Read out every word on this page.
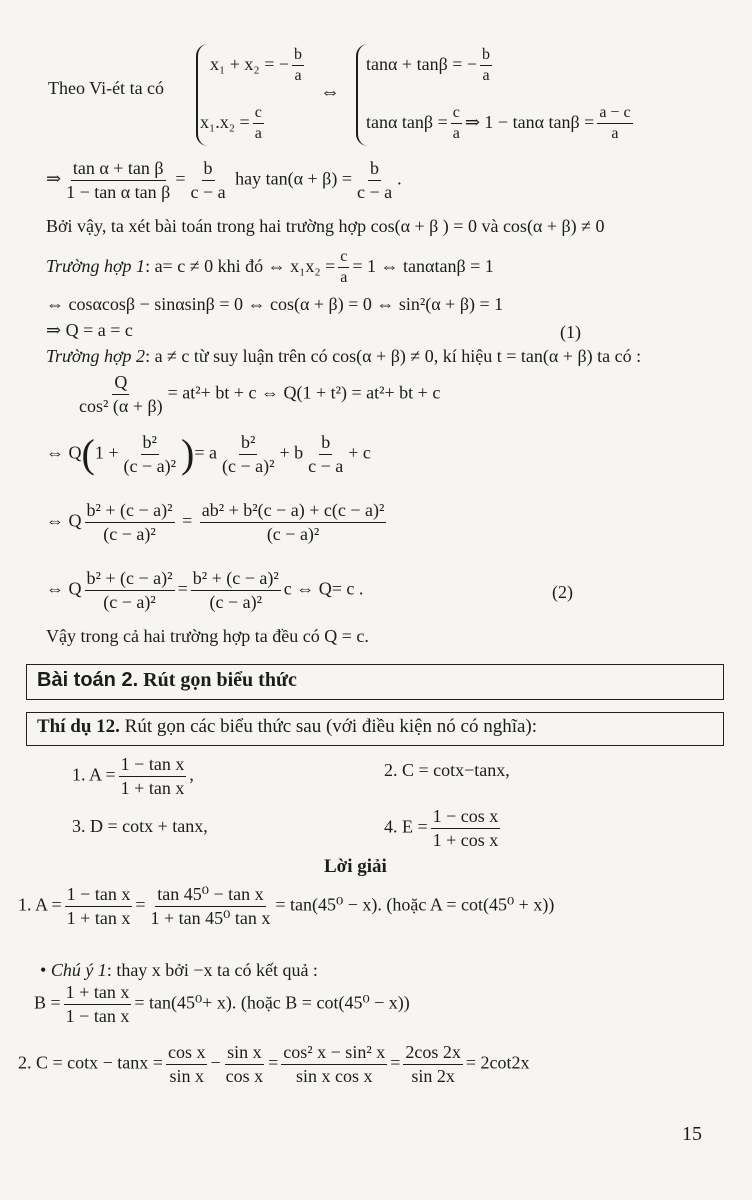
Theo Vi-ét ta có
x₁ + x₂ = − $\frac{b}{a}$
$x_1.x_2 = \frac{c}{a}$
⇔
tanα + tanβ = − $\frac{b}{a}$
tanα $\tan\beta = \frac{c}{a}$ ⇒ 1 − tanα $\tan\beta = \frac{a - c}{a}$
⇒ $\frac{\text{tan α + tan β}}{\text{1 − tan α tan β}} = \frac{b}{c - a}$ hay $\tan(\alpha + \beta) = \frac{b}{c - a}$ .
Bởi vậy, ta xét bài toán trong hai trường hợp cos(α + β ) = 0 và cos(α + β) ≠ 0
Trường hợp 1: a= c ≠ 0 khi đó ⇔ $x_1x_2 = \frac{c}{a} = 1$ ⇔ tanαtanβ = 1
⇔ cosαcosβ − sinαsinβ = 0 ⇔ cos(α + β) = 0 ⇔ sin²(α + β) = 1
⇒ Q = a = c	(1)
Trường hợp 2: a ≠ c từ suy luận trên có cos(α + β) ≠ 0, kí hiệu t = tan(α + β) ta có :
$\frac{Q}{\text{cos² (α + β)}} = at^2+$ bt + c ⇔ Q(1 + t²) = at²+ bt + c
⇔ $Q(1 + \frac{\text{b²}}{\text{(c − a)²}}$ )= a $\frac{\text{b²}}{\text{(c − a)²}} + b \frac{b}{c - a} + c$
⇔ Q $\frac{\text{b² + (c − a)²}}{\text{(c − a)²}} = \frac{\text{ab² + b²(c − a) + c(c − a)²}}{\text{(c − a)²}}$
⇔ Q $\frac{\text{b² + (c − a)²}}{\text{(c − a)²}} = \frac{\text{b² + (c − a)²}}{\text{(c − a)²}}$ c ⇔ Q= c .	(2)
Vậy trong cả hai trường hợp ta đều có Q = c.
Bài toán 2. Rút gọn biểu thức
Thí dụ 12. Rút gọn các biểu thức sau (với điều kiện nó có nghĩa):
1. $A = \frac{\text{1 − tan x}}{\text{1 + tan x}}$ ,	2. C = cotx−tanx,
3. D = cotx + tanx,	4. $E = \frac{\text{1 − cos x}}{\text{1 + cos x}}$
Lời giải
1. $A = \frac{\text{1 − tan x}}{\text{1 + tan x}} = \frac{\text{tan 45⁰ − tan x}}{\text{1 + tan 45⁰ tan x}} = \tan(45^0 - x)$. (hoặc A = cot(45⁰ + x))
• Chú ý 1: thay x bởi −x ta có kết quả :
$B = \frac{\text{1 + tan x}}{\text{1 − tan x}} = \tan(45^0+ x)$. (hoặc B = cot(45⁰ − x))
2. $C = \cot x - \tan x = \frac{\text{cos x}}{\text{sin x}} - \frac{\text{sin x}}{\text{cos x}} = \frac{\text{cos² x − sin² x}}{\text{sin x cos x}} = \frac{2\cos 2x}{\sin 2x} = 2\cot 2x$
15
